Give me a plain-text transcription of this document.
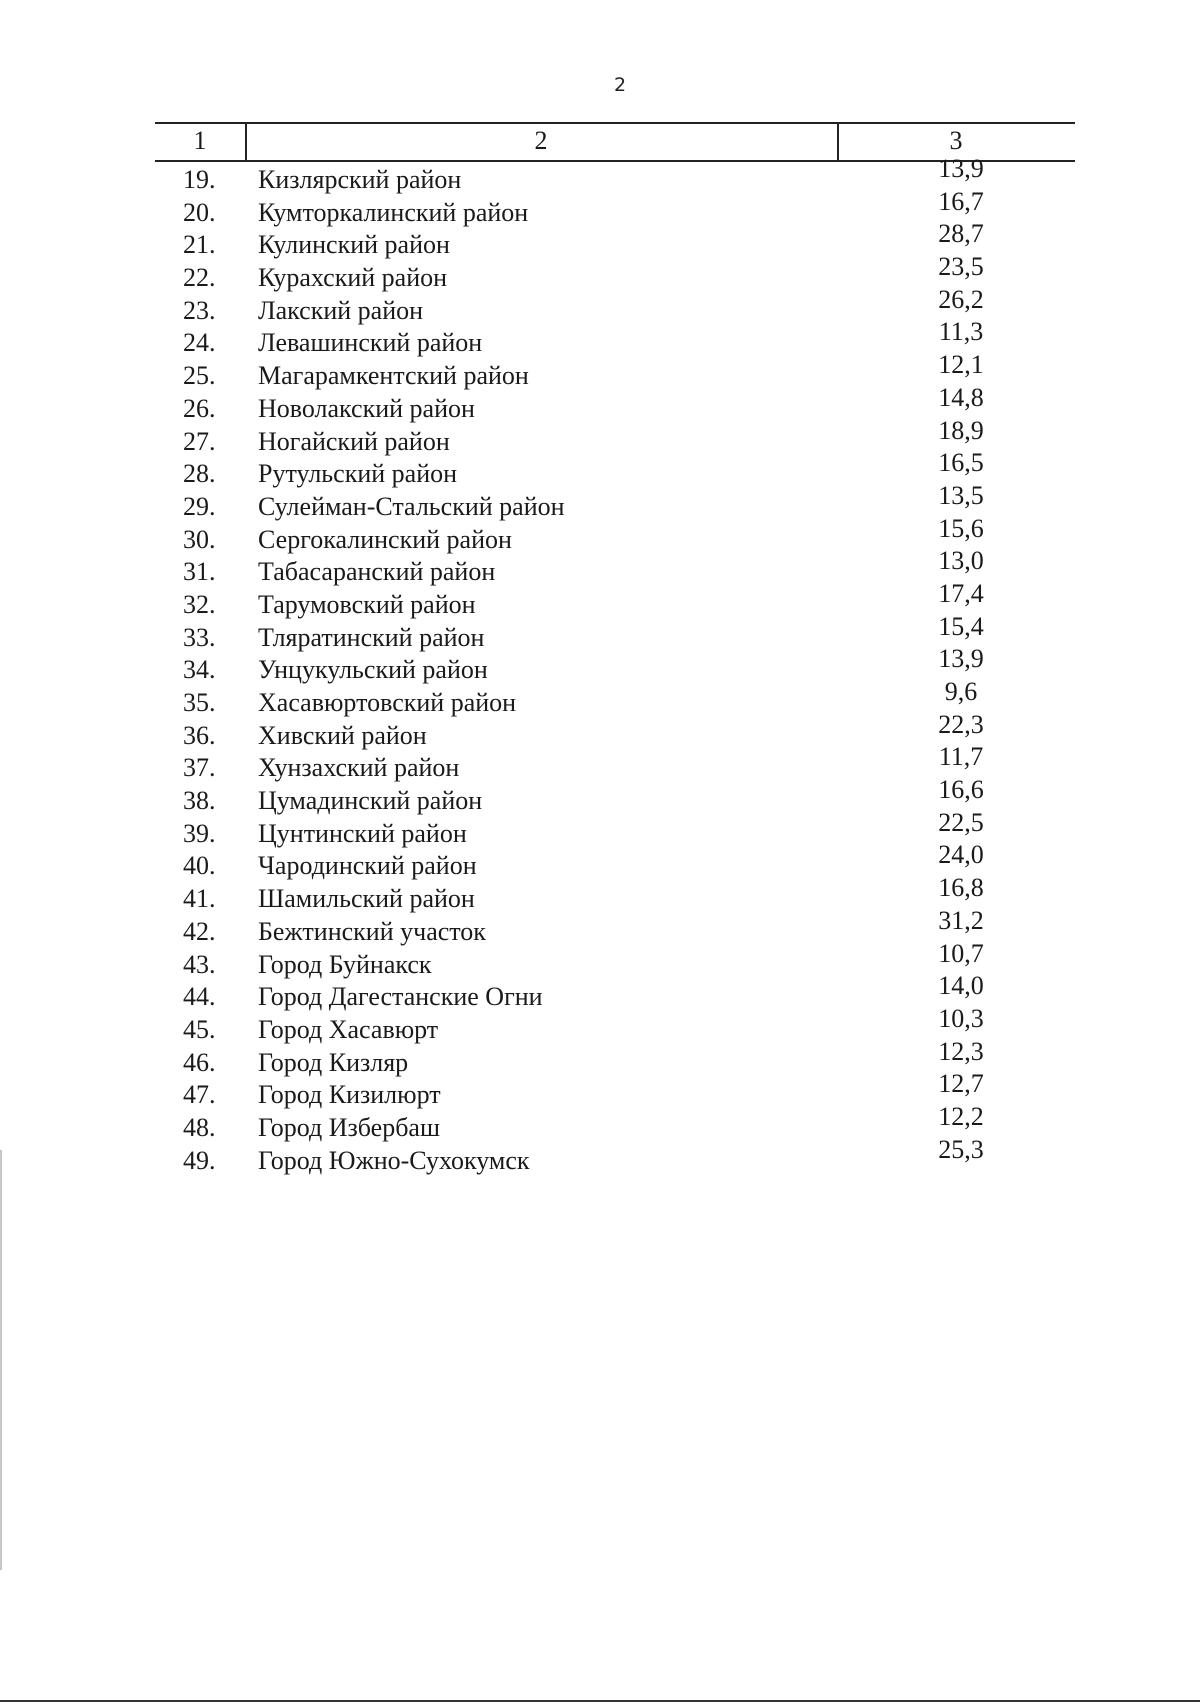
2
1	2	3
19.	Кизлярский район	13,9
20.	Кумторкалинский район	16,7
21.	Кулинский район	28,7
22.	Курахский район	23,5
23.	Лакский район	26,2
24.	Левашинский район	11,3
25.	Магарамкентский район	12,1
26.	Новолакский район	14,8
27.	Ногайский район	18,9
28.	Рутульский район	16,5
29.	Сулейман-Стальский район	13,5
30.	Сергокалинский район	15,6
31.	Табасаранский район	13,0
32.	Тарумовский район	17,4
33.	Тляратинский район	15,4
34.	Унцукульский район	13,9
35.	Хасавюртовский район	9,6
36.	Хивский район	22,3
37.	Хунзахский район	11,7
38.	Цумадинский район	16,6
39.	Цунтинский район	22,5
40.	Чародинский район	24,0
41.	Шамильский район	16,8
42.	Бежтинский участок	31,2
43.	Город Буйнакск	10,7
44.	Город Дагестанские Огни	14,0
45.	Город Хасавюрт	10,3
46.	Город Кизляр	12,3
47.	Город Кизилюрт	12,7
48.	Город Избербаш	12,2
49.	Город Южно-Сухокумск	25,3
